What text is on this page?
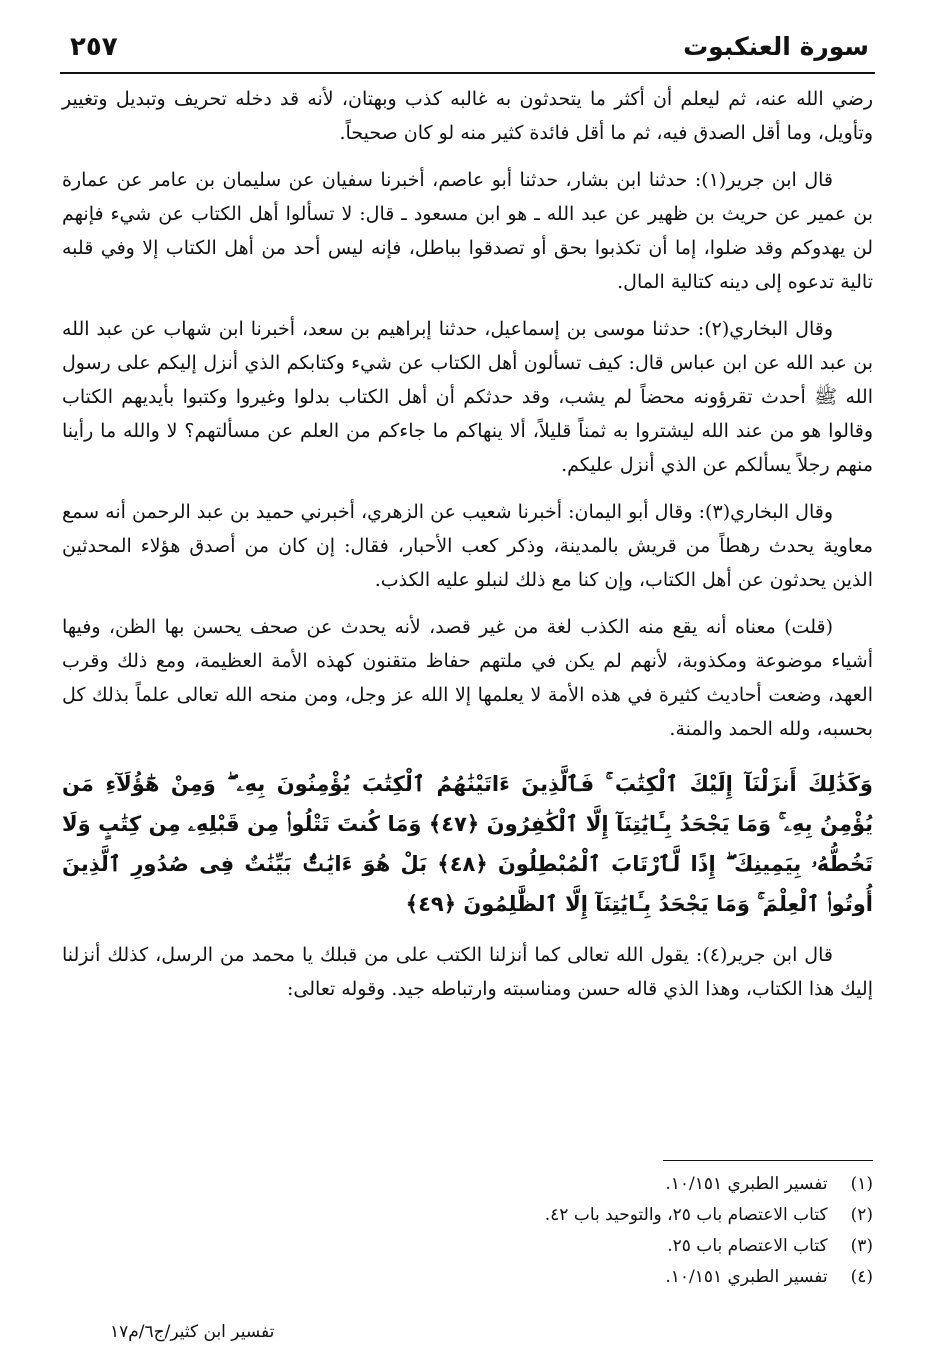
سورة العنكبوت
٢٥٧

رضي الله عنه، ثم ليعلم أن أكثر ما يتحدثون به غالبه كذب وبهتان، لأنه قد دخله تحريف وتبديل وتغيير وتأويل، وما أقل الصدق فيه، ثم ما أقل فائدة كثير منه لو كان صحيحاً.

قال ابن جرير(١): حدثنا ابن بشار، حدثنا أبو عاصم، أخبرنا سفيان عن سليمان بن عامر عن عمارة بن عمير عن حريث بن ظهير عن عبد الله ـ هو ابن مسعود ـ قال: لا تسألوا أهل الكتاب عن شيء فإنهم لن يهدوكم وقد ضلوا، إما أن تكذبوا بحق أو تصدقوا بباطل، فإنه ليس أحد من أهل الكتاب إلا وفي قلبه تالية تدعوه إلى دينه كتالية المال.

وقال البخاري(٢): حدثنا موسى بن إسماعيل، حدثنا إبراهيم بن سعد، أخبرنا ابن شهاب عن عبد الله بن عبد الله عن ابن عباس قال: كيف تسألون أهل الكتاب عن شيء وكتابكم الذي أنزل إليكم على رسول الله ﷺ أحدث تقرؤونه محضاً لم يشب، وقد حدثكم أن أهل الكتاب بدلوا وغيروا وكتبوا بأيديهم الكتاب وقالوا هو من عند الله ليشتروا به ثمناً قليلاً، ألا ينهاكم ما جاءكم من العلم عن مسألتهم؟ لا والله ما رأينا منهم رجلاً يسألكم عن الذي أنزل عليكم.

وقال البخاري(٣): وقال أبو اليمان: أخبرنا شعيب عن الزهري، أخبرني حميد بن عبد الرحمن أنه سمع معاوية يحدث رهطاً من قريش بالمدينة، وذكر كعب الأحبار، فقال: إن كان من أصدق هؤلاء المحدثين الذين يحدثون عن أهل الكتاب، وإن كنا مع ذلك لنبلو عليه الكذب.

(قلت) معناه أنه يقع منه الكذب لغة من غير قصد، لأنه يحدث عن صحف يحسن بها الظن، وفيها أشياء موضوعة ومكذوبة، لأنهم لم يكن في ملتهم حفاظ متقنون كهذه الأمة العظيمة، ومع ذلك وقرب العهد، وضعت أحاديث كثيرة في هذه الأمة لا يعلمها إلا الله عز وجل، ومن منحه الله تعالى علماً بذلك كل بحسبه، ولله الحمد والمنة.

وَكَذَٰلِكَ أَنزَلْنَآ إِلَيْكَ ٱلْكِتَٰبَ ۚ فَٱلَّذِينَ ءَاتَيْنَٰهُمُ ٱلْكِتَٰبَ يُؤْمِنُونَ بِهِۦ ۖ وَمِنْ هَٰٓؤُلَآءِ مَن يُؤْمِنُ بِهِۦ ۚ وَمَا يَجْحَدُ بِـَٔايَٰتِنَآ إِلَّا ٱلْكَٰفِرُونَ ﴿٤٧﴾ وَمَا كُنتَ تَتْلُوا۟ مِن قَبْلِهِۦ مِن كِتَٰبٍ وَلَا تَخُطُّهُۥ بِيَمِينِكَ ۖ إِذًا لَّٱرْتَابَ ٱلْمُبْطِلُونَ ﴿٤٨﴾ بَلْ هُوَ ءَايَٰتٌۢ بَيِّنَٰتٌ فِى صُدُورِ ٱلَّذِينَ أُوتُوا۟ ٱلْعِلْمَ ۚ وَمَا يَجْحَدُ بِـَٔايَٰتِنَآ إِلَّا ٱلظَّٰلِمُونَ ﴿٤٩﴾

قال ابن جرير(٤): يقول الله تعالى كما أنزلنا الكتب على من قبلك يا محمد من الرسل، كذلك أنزلنا إليك هذا الكتاب، وهذا الذي قاله حسن ومناسبته وارتباطه جيد. وقوله تعالى:

(١) تفسير الطبري ١٠/١٥١.
(٢) كتاب الاعتصام باب ٢٥، والتوحيد باب ٤٢.
(٣) كتاب الاعتصام باب ٢٥.
(٤) تفسير الطبري ١٠/١٥١.
تفسير ابن كثير/ج٦/م١٧
